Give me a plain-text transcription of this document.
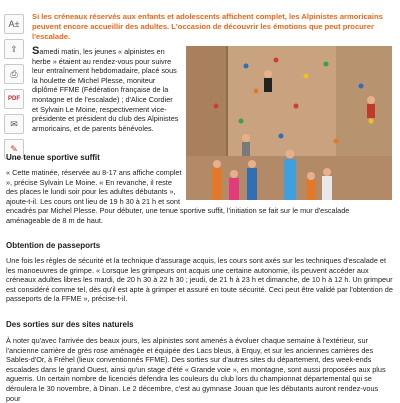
A±
⇪
⎙
PDF
✉
✎
Si les créneaux réservés aux enfants et adolescents affichent complet, les Alpinistes armoricains peuvent encore accueillir des adultes. L'occasion de découvrir les émotions que peut procurer l'escalade.
Samedi matin, les jeunes « alpinistes en herbe » étaient au rendez-vous pour suivre leur entraînement hebdomadaire, placé sous la houlette de Michel Plesse, moniteur diplômé FFME (Fédération française de la montagne et de l'escalade) ; d'Alice Cordier et Sylvain Le Moine, respectivement vice-présidente et président du club des Alpinistes armoricains, et de parents bénévoles.
Une tenue sportive suffit
« Cette matinée, réservée au 8-17 ans affiche complet », précise Sylvain Le Moine. « En revanche, il reste des places le lundi soir pour les adultes débutants », ajoute-t-il. Les cours ont lieu de 19 h 30 à 21 h et sont
encadrés par Michel Plesse. Pour débuter, une tenue sportive suffit, l'initiation se fait sur le mur d'escalade aménageable de 8 m de haut.
Obtention de passeports
Une fois les règles de sécurité et la technique d'assurage acquis, les cours sont axés sur les techniques d'escalade et les manoeuvres de grimpe. « Lorsque les grimpeurs ont acquis une certaine autonomie, ils peuvent accéder aux créneaux adultes libres les mardi, de 20 h 30 à 22 h 30 ; jeudi, de 21 h à 23 h et dimanche, de 10 h à 12 h. Un grimpeur est considéré comme tel, dès qu'il est apte à grimper et assuré en toute sécurité. Ceci peut être validé par l'obtention de passeports de la FFME », précise-t-il.
Des sorties sur des sites naturels
À noter qu'avec l'arrivée des beaux jours, les alpinistes sont amenés à évoluer chaque semaine à l'extérieur, sur l'ancienne carrière de grès rose aménagée et équipée des Lacs bleus, à Erquy, et sur les anciennes carrières des Sables-d'Or, à Fréhel (lieux conventionnés FFME). Des sorties sur d'autres sites du département, des week-ends escalades dans le grand Ouest, ainsi qu'un stage d'été « Grande voie », en montagne, sont aussi proposées aux plus aguerris. Un certain nombre de licenciés défendra les couleurs du club lors du championnat départemental qui se déroulera le 30 novembre, à Dinan. Le 2 décembre, c'est au gymnase Jouan que les débutants auront rendez-vous pour
